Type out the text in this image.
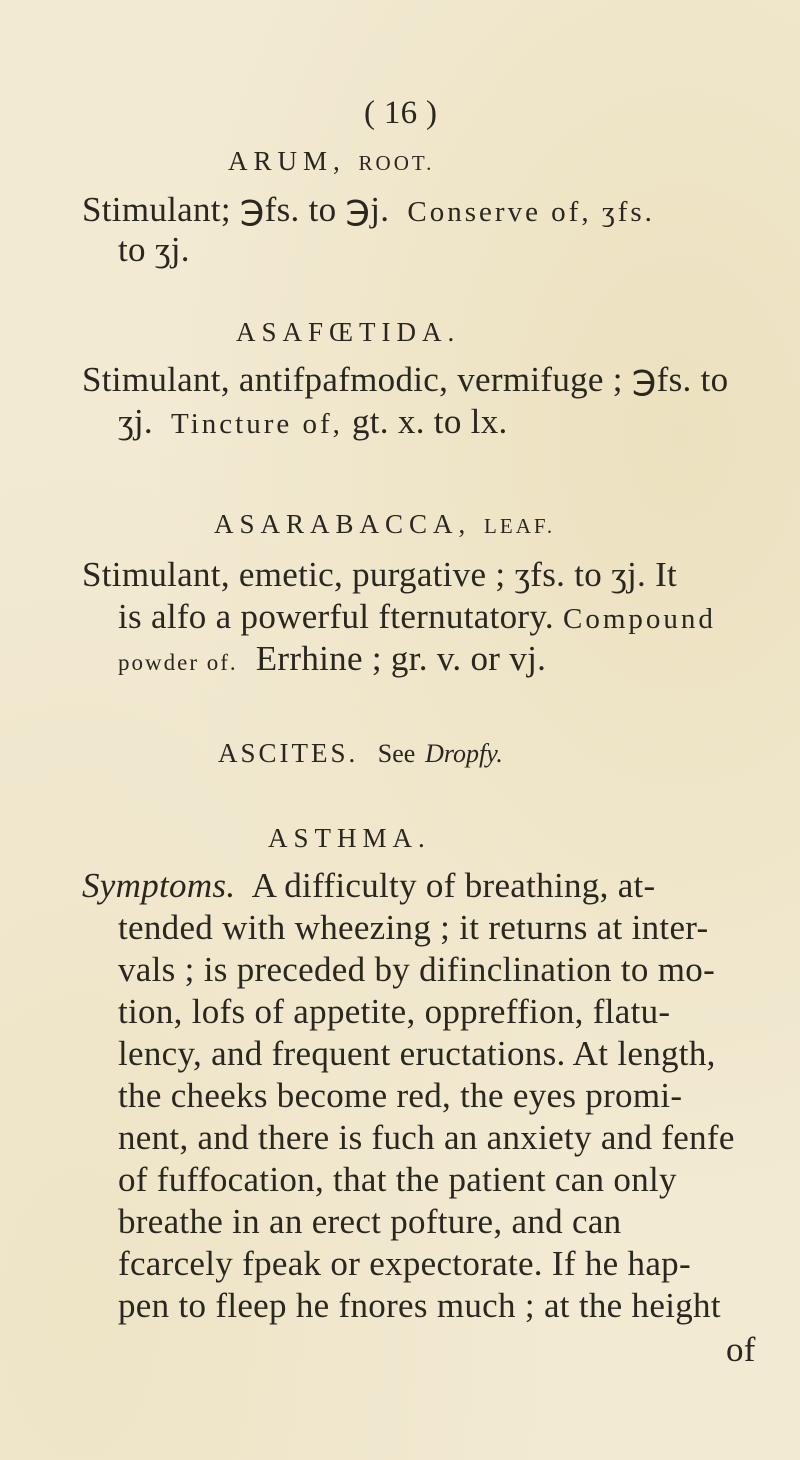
( 16 )
ARUM, ROOT.
Stimulant; ℈fs. to ℈j. Conserve of, ʒfs.
to ʒj.
ASAFŒTIDA.
Stimulant, antifpafmodic, vermifuge ; ℈fs. to
ʒj. Tincture of, gt. x. to lx.
ASARABACCA, LEAF.
Stimulant, emetic, purgative ; ʒfs. to ʒj. It
is alfo a powerful fternutatory. Compound
powder of. Errhine ; gr. v. or vj.
ASCITES. See Dropfy.
ASTHMA.
Symptoms. A difficulty of breathing, at-
tended with wheezing ; it returns at inter-
vals ; is preceded by difinclination to mo-
tion, lofs of appetite, oppreffion, flatu-
lency, and frequent eructations. At length,
the cheeks become red, the eyes promi-
nent, and there is fuch an anxiety and fenfe
of fuffocation, that the patient can only
breathe in an erect pofture, and can
fcarcely fpeak or expectorate. If he hap-
pen to fleep he fnores much ; at the height
of
